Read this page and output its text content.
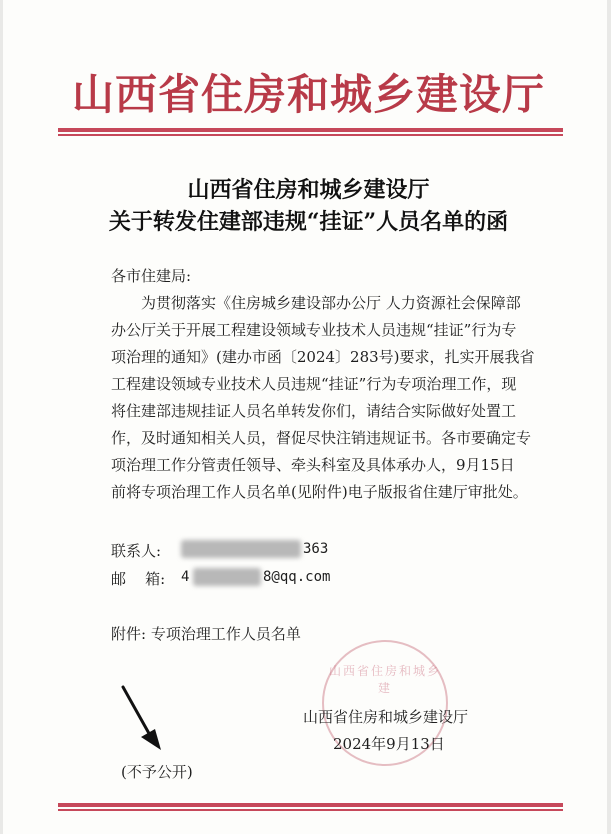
山西省住房和城乡建设厅
山西省住房和城乡建设厅
关于转发住建部违规“挂证”人员名单的函
各市住建局:
为贯彻落实《住房城乡建设部办公厅 人力资源社会保障部
办公厅关于开展工程建设领域专业技术人员违规“挂证”行为专
项治理的通知》(建办市函〔2024〕283号)要求，扎实开展我省
工程建设领域专业技术人员违规“挂证”行为专项治理工作，现
将住建部违规挂证人员名单转发你们，请结合实际做好处置工
作，及时通知相关人员，督促尽快注销违规证书。各市要确定专
项治理工作分管责任领导、牵头科室及具体承办人，9月15日
前将专项治理工作人员名单(见附件)电子版报省住建厅审批处。
联系人:	363
邮    箱: 4	8@qq.com
附件: 专项治理工作人员名单
山西省住房和城乡建
山西省住房和城乡建设厅
2024年9月13日
(不予公开)
